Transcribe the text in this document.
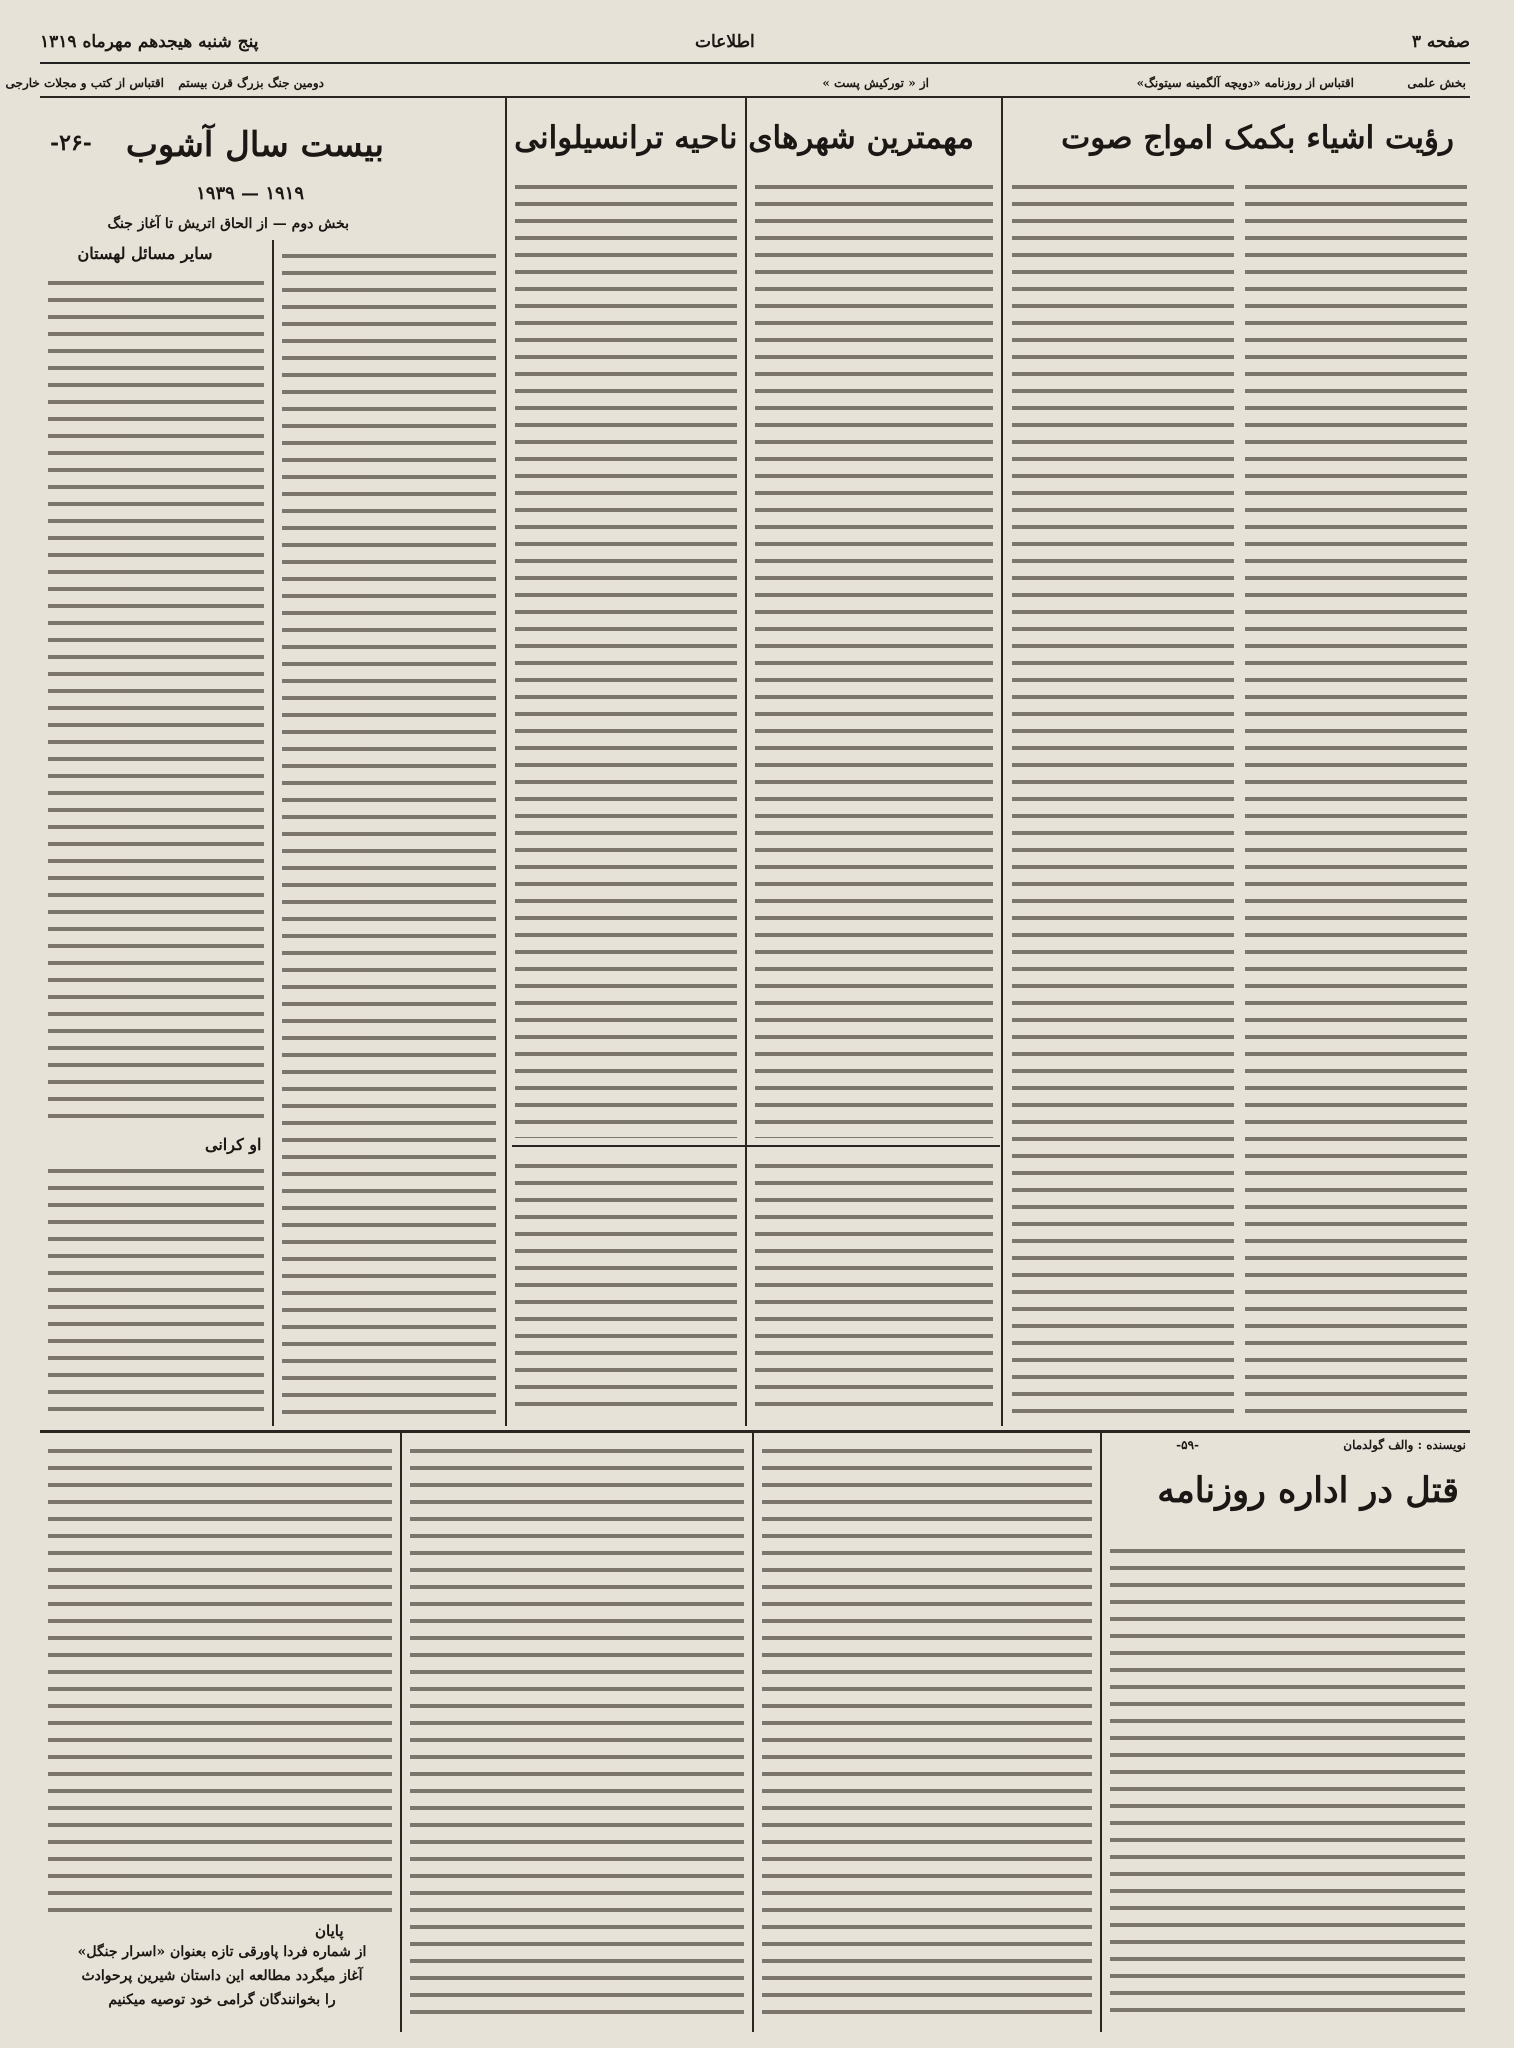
پنج شنبه هیجدهم مهرماه ۱۳۱۹	اطلاعات	صفحه ۳
بخش علمی
اقتباس از روزنامه «دویچه آلگمینه سیتونگ»
از « تورکیش پست »
دومین جنگ بزرگ قرن بیستم
اقتباس از کتب و مجلات خارجی
رؤیت اشیاء بکمک امواج صوت
مهمترین شهرهای ناحیه ترانسیلوانی
بیست سال آشوب
-۲۶-
۱۹۱۹ — ۱۹۳۹
بخش دوم — از الحاق اتریش تا آغاز جنگ
سایر مسائل لهستان
او کرانی
نویسنده : والف گولدمان
-۵۹-
قتل در اداره روزنامه
پایان
از شماره فردا پاورقی تازه بعنوان «اسرار جنگل»
آغاز میگردد مطالعه این داستان شیرین پرحوادث
را بخوانندگان گرامی خود توصیه میکنیم
